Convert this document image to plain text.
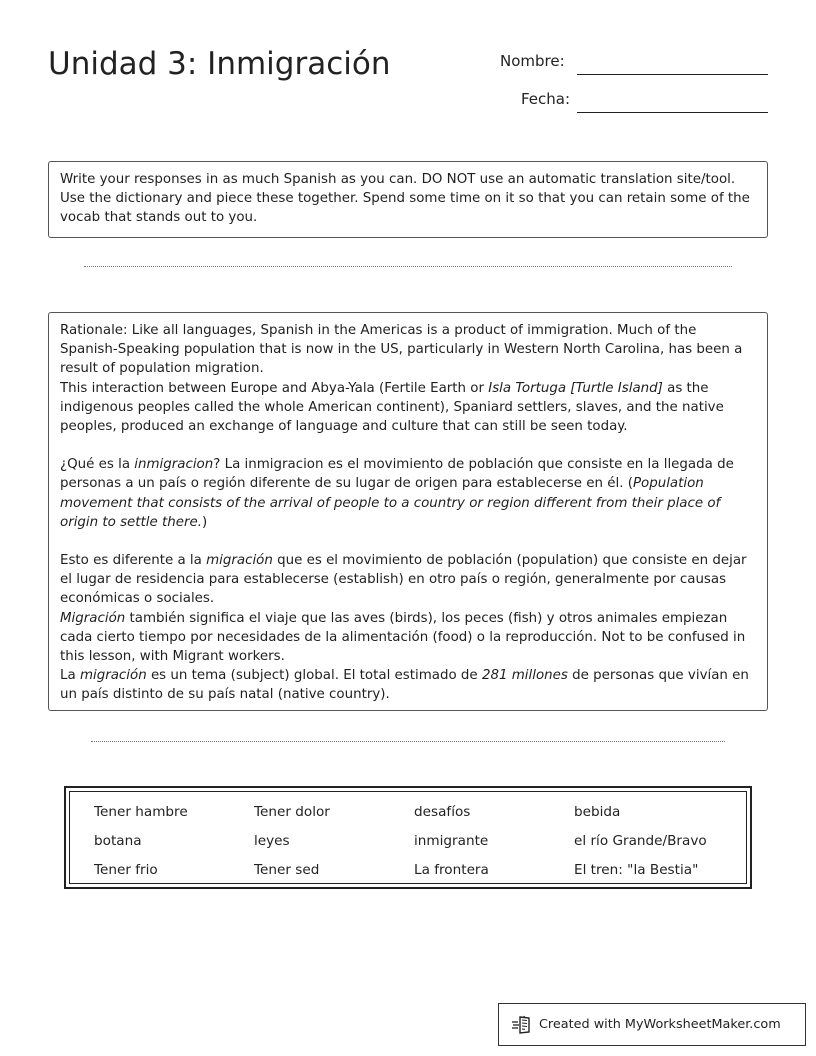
Unidad 3: Inmigración	Nombre:
Fecha:

Write your responses in as much Spanish as you can. DO NOT use an automatic translation site/tool. Use the dictionary and piece these together. Spend some time on it so that you can retain some of the vocab that stands out to you.

Rationale: Like all languages, Spanish in the Americas is a product of immigration. Much of the Spanish-Speaking population that is now in the US, particularly in Western North Carolina, has been a result of population migration.
This interaction between Europe and Abya-Yala (Fertile Earth or Isla Tortuga [Turtle Island] as the indigenous peoples called the whole American continent), Spaniard settlers, slaves, and the native peoples, produced an exchange of language and culture that can still be seen today.

¿Qué es la inmigracion? La inmigracion es el movimiento de población que consiste en la llegada de personas a un país o región diferente de su lugar de origen para establecerse en él. (Population movement that consists of the arrival of people to a country or region different from their place of origin to settle there.)

Esto es diferente a la migración que es el movimiento de población (population) que consiste en dejar el lugar de residencia para establecerse (establish) en otro país o región, generalmente por causas económicas o sociales.
Migración también significa el viaje que las aves (birds), los peces (fish) y otros animales empiezan cada cierto tiempo por necesidades de la alimentación (food) o la reproducción. Not to be confused in this lesson, with Migrant workers.
La migración es un tema (subject) global. El total estimado de 281 millones de personas que vivían en un país distinto de su país natal (native country).

Tener hambre	Tener dolor	desafíos	bebida
botana	leyes	inmigrante	el río Grande/Bravo
Tener frio	Tener sed	La frontera	El tren: "la Bestia"
Created with MyWorksheetMaker.com
